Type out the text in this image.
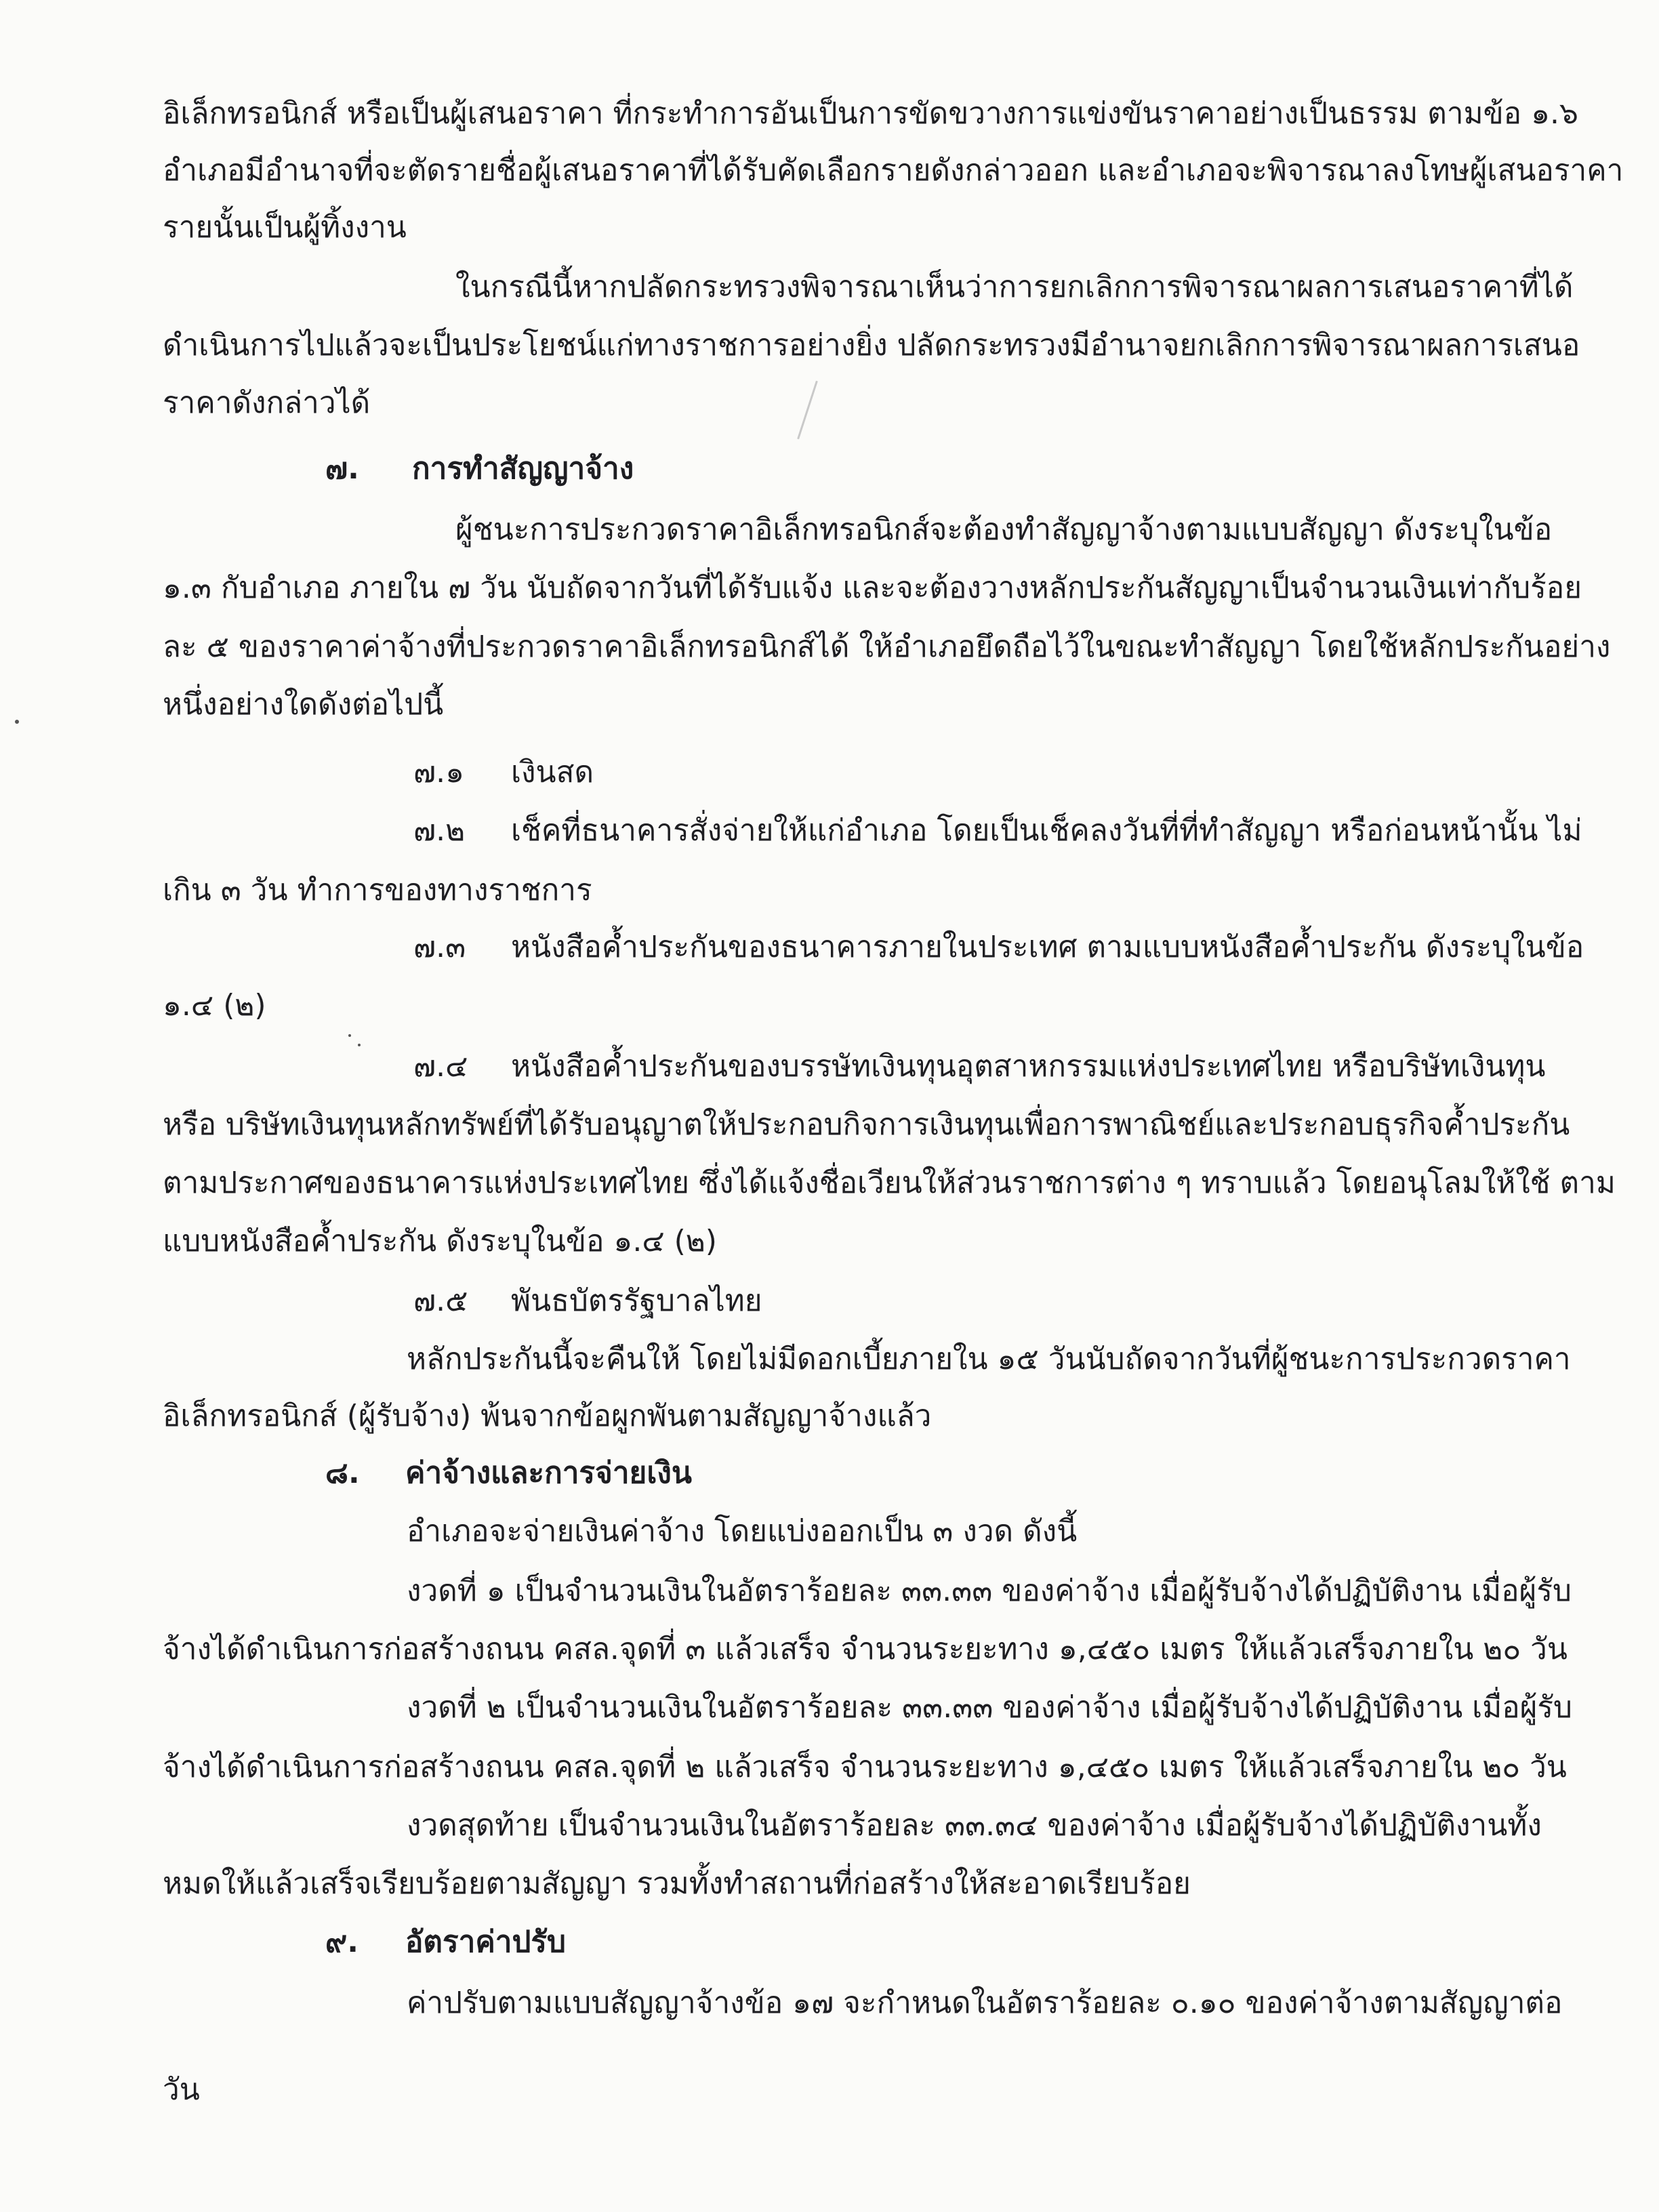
อิเล็กทรอนิกส์ หรือเป็นผู้เสนอราคา ที่กระทำการอันเป็นการขัดขวางการแข่งขันราคาอย่างเป็นธรรม ตามข้อ ๑.๖
อำเภอมีอำนาจที่จะตัดรายชื่อผู้เสนอราคาที่ได้รับคัดเลือกรายดังกล่าวออก และอำเภอจะพิจารณาลงโทษผู้เสนอราคา
รายนั้นเป็นผู้ทิ้งงาน
ในกรณีนี้หากปลัดกระทรวงพิจารณาเห็นว่าการยกเลิกการพิจารณาผลการเสนอราคาที่ได้
ดำเนินการไปแล้วจะเป็นประโยชน์แก่ทางราชการอย่างยิ่ง ปลัดกระทรวงมีอำนาจยกเลิกการพิจารณาผลการเสนอ
ราคาดังกล่าวได้
๗. การทำสัญญาจ้าง
ผู้ชนะการประกวดราคาอิเล็กทรอนิกส์จะต้องทำสัญญาจ้างตามแบบสัญญา ดังระบุในข้อ
๑.๓ กับอำเภอ ภายใน ๗ วัน นับถัดจากวันที่ได้รับแจ้ง และจะต้องวางหลักประกันสัญญาเป็นจำนวนเงินเท่ากับร้อย
ละ ๕ ของราคาค่าจ้างที่ประกวดราคาอิเล็กทรอนิกส์ได้ ให้อำเภอยึดถือไว้ในขณะทำสัญญา โดยใช้หลักประกันอย่าง
หนึ่งอย่างใดดังต่อไปนี้
๗.๑ เงินสด
๗.๒ เช็คที่ธนาคารสั่งจ่ายให้แก่อำเภอ โดยเป็นเช็คลงวันที่ที่ทำสัญญา หรือก่อนหน้านั้น ไม่
เกิน ๓ วัน ทำการของทางราชการ
๗.๓ หนังสือค้ำประกันของธนาคารภายในประเทศ ตามแบบหนังสือค้ำประกัน ดังระบุในข้อ
๑.๔ (๒)
๗.๔ หนังสือค้ำประกันของบรรษัทเงินทุนอุตสาหกรรมแห่งประเทศไทย หรือบริษัทเงินทุน
หรือ บริษัทเงินทุนหลักทรัพย์ที่ได้รับอนุญาตให้ประกอบกิจการเงินทุนเพื่อการพาณิชย์และประกอบธุรกิจค้ำประกัน
ตามประกาศของธนาคารแห่งประเทศไทย ซึ่งได้แจ้งชื่อเวียนให้ส่วนราชการต่าง ๆ ทราบแล้ว โดยอนุโลมให้ใช้ ตาม
แบบหนังสือค้ำประกัน ดังระบุในข้อ ๑.๔ (๒)
๗.๕ พันธบัตรรัฐบาลไทย
หลักประกันนี้จะคืนให้ โดยไม่มีดอกเบี้ยภายใน ๑๕ วันนับถัดจากวันที่ผู้ชนะการประกวดราคา
อิเล็กทรอนิกส์ (ผู้รับจ้าง) พ้นจากข้อผูกพันตามสัญญาจ้างแล้ว
๘. ค่าจ้างและการจ่ายเงิน
อำเภอจะจ่ายเงินค่าจ้าง โดยแบ่งออกเป็น ๓ งวด ดังนี้
งวดที่ ๑ เป็นจำนวนเงินในอัตราร้อยละ ๓๓.๓๓ ของค่าจ้าง เมื่อผู้รับจ้างได้ปฏิบัติงาน เมื่อผู้รับ
จ้างได้ดำเนินการก่อสร้างถนน คสล.จุดที่ ๓ แล้วเสร็จ จำนวนระยะทาง ๑,๔๕๐ เมตร ให้แล้วเสร็จภายใน ๒๐ วัน
งวดที่ ๒ เป็นจำนวนเงินในอัตราร้อยละ ๓๓.๓๓ ของค่าจ้าง เมื่อผู้รับจ้างได้ปฏิบัติงาน เมื่อผู้รับ
จ้างได้ดำเนินการก่อสร้างถนน คสล.จุดที่ ๒ แล้วเสร็จ จำนวนระยะทาง ๑,๔๕๐ เมตร ให้แล้วเสร็จภายใน ๒๐ วัน
งวดสุดท้าย เป็นจำนวนเงินในอัตราร้อยละ ๓๓.๓๔ ของค่าจ้าง เมื่อผู้รับจ้างได้ปฏิบัติงานทั้ง
หมดให้แล้วเสร็จเรียบร้อยตามสัญญา รวมทั้งทำสถานที่ก่อสร้างให้สะอาดเรียบร้อย
๙. อัตราค่าปรับ
ค่าปรับตามแบบสัญญาจ้างข้อ ๑๗ จะกำหนดในอัตราร้อยละ ๐.๑๐ ของค่าจ้างตามสัญญาต่อ
วัน
